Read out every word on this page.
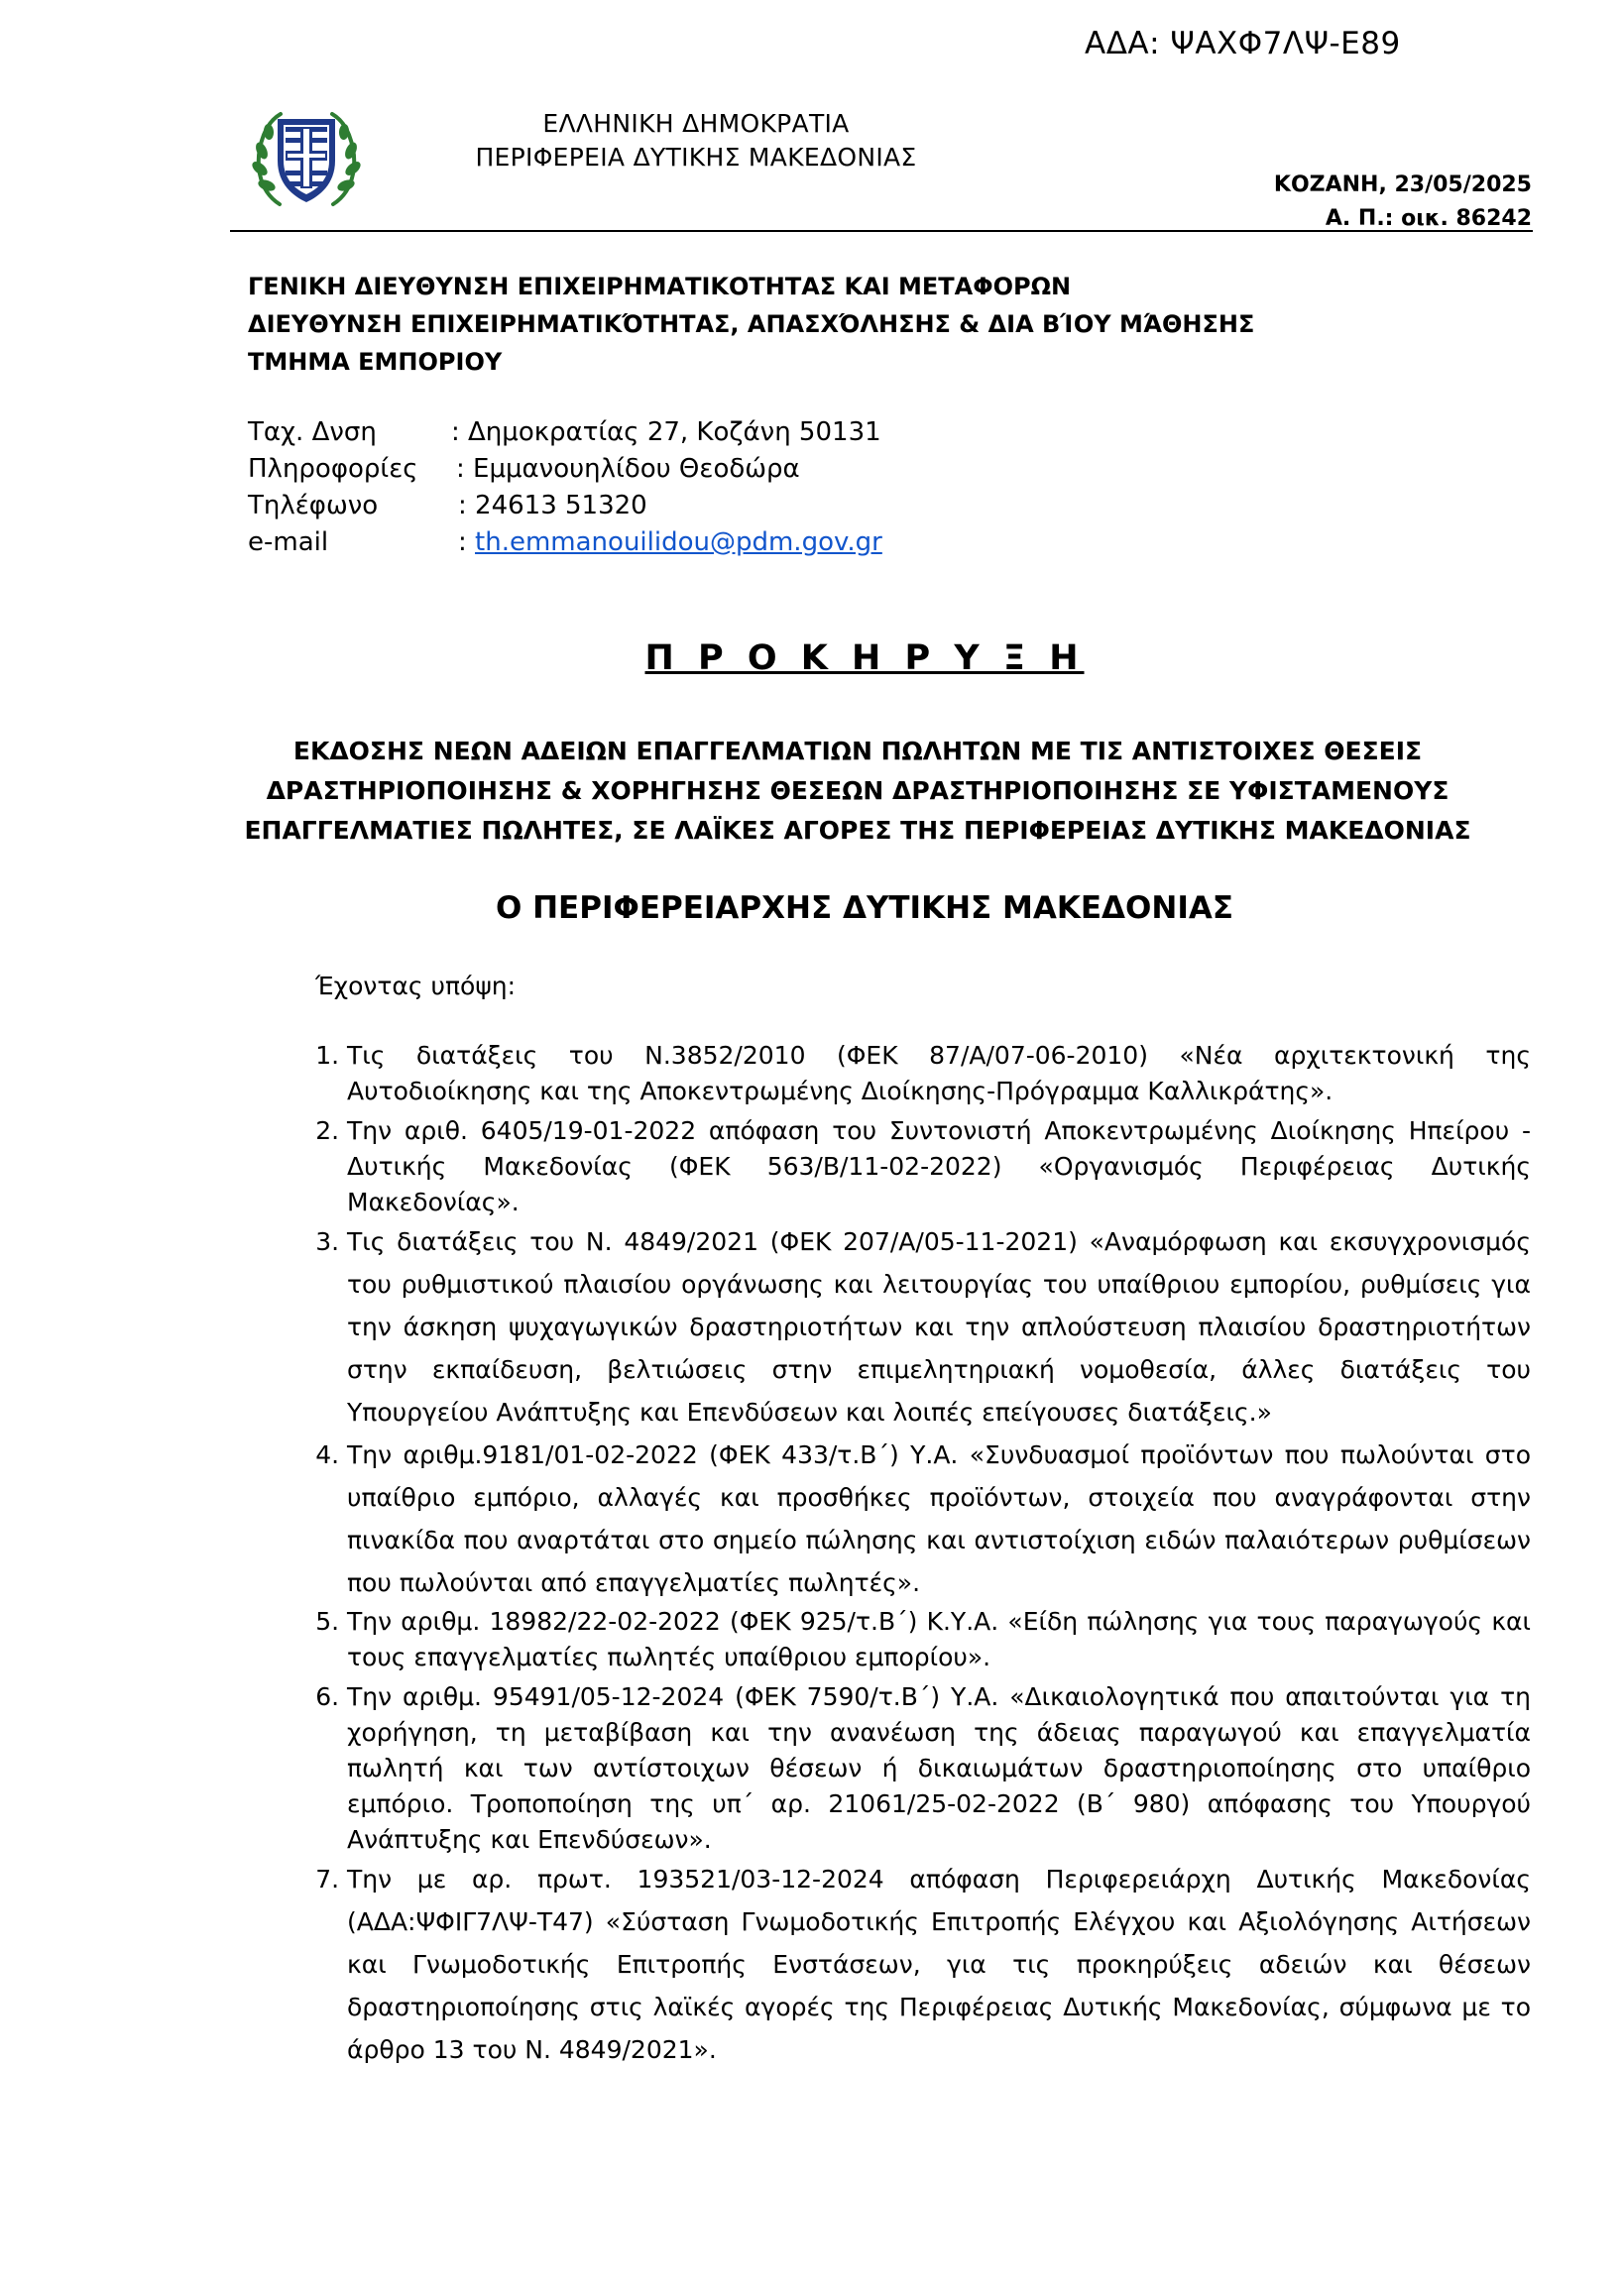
ΑΔΑ: ΨΑΧΦ7ΛΨ-Ε89
ΕΛΛΗΝΙΚΗ ΔΗΜΟΚΡΑΤΙΑ
ΠΕΡΙΦΕΡΕΙΑ ΔΥΤΙΚΗΣ ΜΑΚΕΔΟΝΙΑΣ
ΚΟΖΑΝΗ, 23/05/2025
Α. Π.: οικ. 86242
ΓΕΝΙΚΗ ΔΙΕΥΘΥΝΣΗ ΕΠΙΧΕΙΡΗΜΑΤΙΚΟΤΗΤΑΣ ΚΑΙ ΜΕΤΑΦΟΡΩΝ
ΔΙΕΥΘΥΝΣΗ ΕΠΙΧΕΙΡΗΜΑΤΙΚΌΤΗΤΑΣ, ΑΠΑΣΧΌΛΗΣΗΣ & ΔΙΑ ΒΊΟΥ ΜΆΘΗΣΗΣ
ΤΜΗΜΑ ΕΜΠΟΡΙΟΥ
Ταχ. Δνση	: Δημοκρατίας 27, Κοζάνη 50131
Πληροφορίες : Εμμανουηλίδου Θεοδώρα
Τηλέφωνο	: 24613 51320
e-mail	: th.emmanouilidou@pdm.gov.gr
Π Ρ Ο Κ Η Ρ Υ Ξ Η
ΕΚΔΟΣΗΣ ΝΕΩΝ ΑΔΕΙΩΝ ΕΠΑΓΓΕΛΜΑΤΙΩΝ ΠΩΛΗΤΩΝ ΜΕ ΤΙΣ ΑΝΤΙΣΤΟΙΧΕΣ ΘΕΣΕΙΣ
ΔΡΑΣΤΗΡΙΟΠΟΙΗΣΗΣ & ΧΟΡΗΓΗΣΗΣ ΘΕΣΕΩΝ ΔΡΑΣΤΗΡΙΟΠΟΙΗΣΗΣ ΣΕ ΥΦΙΣΤΑΜΕΝΟΥΣ
ΕΠΑΓΓΕΛΜΑΤΙΕΣ ΠΩΛΗΤΕΣ, ΣΕ ΛΑΪΚΕΣ ΑΓΟΡΕΣ ΤΗΣ ΠΕΡΙΦΕΡΕΙΑΣ ΔΥΤΙΚΗΣ ΜΑΚΕΔΟΝΙΑΣ
Ο ΠΕΡΙΦΕΡΕΙΑΡΧΗΣ ΔΥΤΙΚΗΣ ΜΑΚΕΔΟΝΙΑΣ
Έχοντας υπόψη:
1. Τις διατάξεις του Ν.3852/2010 (ΦΕΚ 87/Α/07-06-2010) «Νέα αρχιτεκτονική της Αυτοδιοίκησης και της Αποκεντρωμένης Διοίκησης-Πρόγραμμα Καλλικράτης».
2. Την αριθ. 6405/19-01-2022 απόφαση του Συντονιστή Αποκεντρωμένης Διοίκησης Ηπείρου - Δυτικής Μακεδονίας (ΦΕΚ 563/Β/11-02-2022) «Οργανισμός Περιφέρειας Δυτικής Μακεδονίας».
3. Τις διατάξεις του Ν. 4849/2021 (ΦΕΚ 207/Α/05-11-2021) «Αναμόρφωση και εκσυγχρονισμός του ρυθμιστικού πλαισίου οργάνωσης και λειτουργίας του υπαίθριου εμπορίου, ρυθμίσεις για την άσκηση ψυχαγωγικών δραστηριοτήτων και την απλούστευση πλαισίου δραστηριοτήτων στην εκπαίδευση, βελτιώσεις στην επιμελητηριακή νομοθεσία, άλλες διατάξεις του Υπουργείου Ανάπτυξης και Επενδύσεων και λοιπές επείγουσες διατάξεις.»
4. Την αριθμ.9181/01-02-2022 (ΦΕΚ 433/τ.Β΄) Υ.Α. «Συνδυασμοί προϊόντων που πωλούνται στο υπαίθριο εμπόριο, αλλαγές και προσθήκες προϊόντων, στοιχεία που αναγράφονται στην πινακίδα που αναρτάται στο σημείο πώλησης και αντιστοίχιση ειδών παλαιότερων ρυθμίσεων που πωλούνται από επαγγελματίες πωλητές».
5. Την αριθμ. 18982/22-02-2022 (ΦΕΚ 925/τ.Β΄) Κ.Υ.Α. «Είδη πώλησης για τους παραγωγούς και τους επαγγελματίες πωλητές υπαίθριου εμπορίου».
6. Την αριθμ. 95491/05-12-2024 (ΦΕΚ 7590/τ.Β΄) Υ.Α. «Δικαιολογητικά που απαιτούνται για τη χορήγηση, τη μεταβίβαση και την ανανέωση της άδειας παραγωγού και επαγγελματία πωλητή και των αντίστοιχων θέσεων ή δικαιωμάτων δραστηριοποίησης στο υπαίθριο εμπόριο. Τροποποίηση της υπ΄ αρ. 21061/25-02-2022 (Β΄ 980) απόφασης του Υπουργού Ανάπτυξης και Επενδύσεων».
7. Την με αρ. πρωτ. 193521/03-12-2024 απόφαση Περιφερειάρχη Δυτικής Μακεδονίας (ΑΔΑ:ΨΦΙΓ7ΛΨ-Τ47) «Σύσταση Γνωμοδοτικής Επιτροπής Ελέγχου και Αξιολόγησης Αιτήσεων και Γνωμοδοτικής Επιτροπής Ενστάσεων, για τις προκηρύξεις αδειών και θέσεων δραστηριοποίησης στις λαϊκές αγορές της Περιφέρειας Δυτικής Μακεδονίας, σύμφωνα με το άρθρο 13 του Ν. 4849/2021».
